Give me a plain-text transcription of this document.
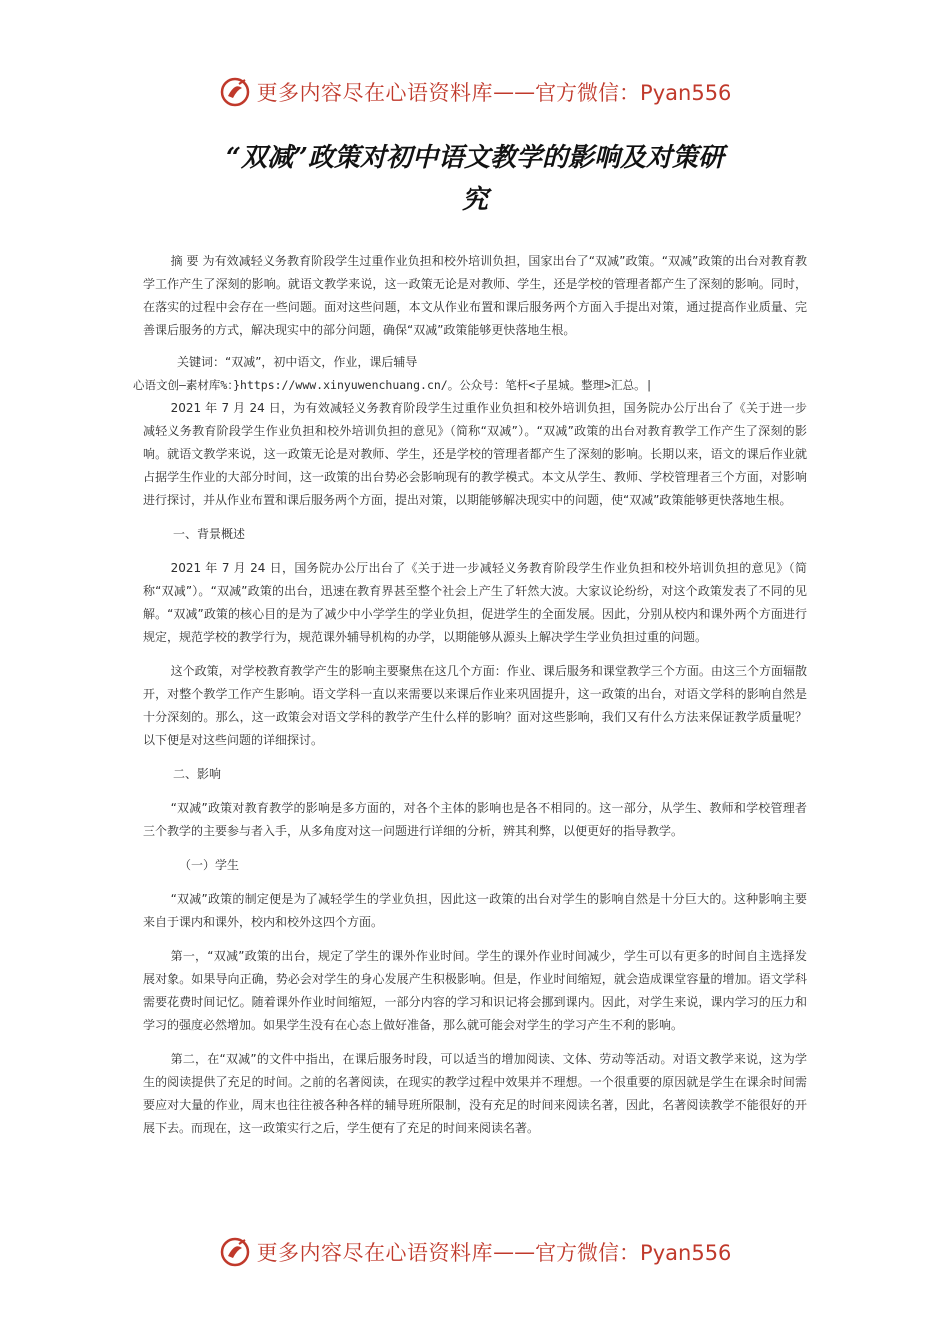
更多内容尽在心语资料库 —— 官方微信：Pyan556
“双减”政策对初中语文教学的影响及对策研
究

摘 要 为有效减轻义务教育阶段学生过重作业负担和校外培训负担，国家出台了“双减”政策。“双减”政策的出台对教育教学工作产生了深刻的影响。就语文教学来说，这一政策无论是对教师、学生，还是学校的管理者都产生了深刻的影响。同时，在落实的过程中会存在一些问题。面对这些问题，本文从作业布置和课后服务两个方面入手提出对策，通过提高作业质量、完善课后服务的方式，解决现实中的部分问题，确保“双减”政策能够更快落地生根。

关键词：“双减”，初中语文，作业，课后辅导

心语文创—素材库%：}https://www.xinyuwenchuang.cn/。公众号：笔杆<子星城。整理>汇总。|

2021 年 7 月 24 日，为有效减轻义务教育阶段学生过重作业负担和校外培训负担，国务院办公厅出台了《关于进一步减轻义务教育阶段学生作业负担和校外培训负担的意见》（简称“双减”）。“双减”政策的出台对教育教学工作产生了深刻的影响。就语文教学来说，这一政策无论是对教师、学生，还是学校的管理者都产生了深刻的影响。长期以来，语文的课后作业就占据学生作业的大部分时间，这一政策的出台势必会影响现有的教学模式。本文从学生、教师、学校管理者三个方面，对影响进行探讨，并从作业布置和课后服务两个方面，提出对策，以期能够解决现实中的问题，使“双减”政策能够更快落地生根。

一、背景概述

2021 年 7 月 24 日，国务院办公厅出台了《关于进一步减轻义务教育阶段学生作业负担和校外培训负担的意见》（简称“双减”）。“双减”政策的出台，迅速在教育界甚至整个社会上产生了轩然大波。大家议论纷纷，对这个政策发表了不同的见解。“双减”政策的核心目的是为了减少中小学学生的学业负担，促进学生的全面发展。因此，分别从校内和课外两个方面进行规定，规范学校的教学行为，规范课外辅导机构的办学，以期能够从源头上解决学生学业负担过重的问题。

这个政策，对学校教育教学产生的影响主要聚焦在这几个方面：作业、课后服务和课堂教学三个方面。由这三个方面辐散开，对整个教学工作产生影响。语文学科一直以来需要以来课后作业来巩固提升，这一政策的出台，对语文学科的影响自然是十分深刻的。那么，这一政策会对语文学科的教学产生什么样的影响？面对这些影响，我们又有什么方法来保证教学质量呢？以下便是对这些问题的详细探讨。

二、影响

“双减”政策对教育教学的影响是多方面的，对各个主体的影响也是各不相同的。这一部分，从学生、教师和学校管理者三个教学的主要参与者入手，从多角度对这一问题进行详细的分析，辨其利弊，以便更好的指导教学。

（一）学生

“双减”政策的制定便是为了减轻学生的学业负担，因此这一政策的出台对学生的影响自然是十分巨大的。这种影响主要来自于课内和课外，校内和校外这四个方面。

第一，“双减”政策的出台，规定了学生的课外作业时间。学生的课外作业时间减少，学生可以有更多的时间自主选择发展对象。如果导向正确，势必会对学生的身心发展产生积极影响。但是，作业时间缩短，就会造成课堂容量的增加。语文学科需要花费时间记忆。随着课外作业时间缩短，一部分内容的学习和识记将会挪到课内。因此，对学生来说，课内学习的压力和学习的强度必然增加。如果学生没有在心态上做好准备，那么就可能会对学生的学习产生不利的影响。

第二，在“双减”的文件中指出，在课后服务时段，可以适当的增加阅读、文体、劳动等活动。对语文教学来说，这为学生的阅读提供了充足的时间。之前的名著阅读，在现实的教学过程中效果并不理想。一个很重要的原因就是学生在课余时间需要应对大量的作业，周末也往往被各种各样的辅导班所限制，没有充足的时间来阅读名著，因此，名著阅读教学不能很好的开展下去。而现在，这一政策实行之后，学生便有了充足的时间来阅读名著。

更多内容尽在心语资料库 —— 官方微信：Pyan556
